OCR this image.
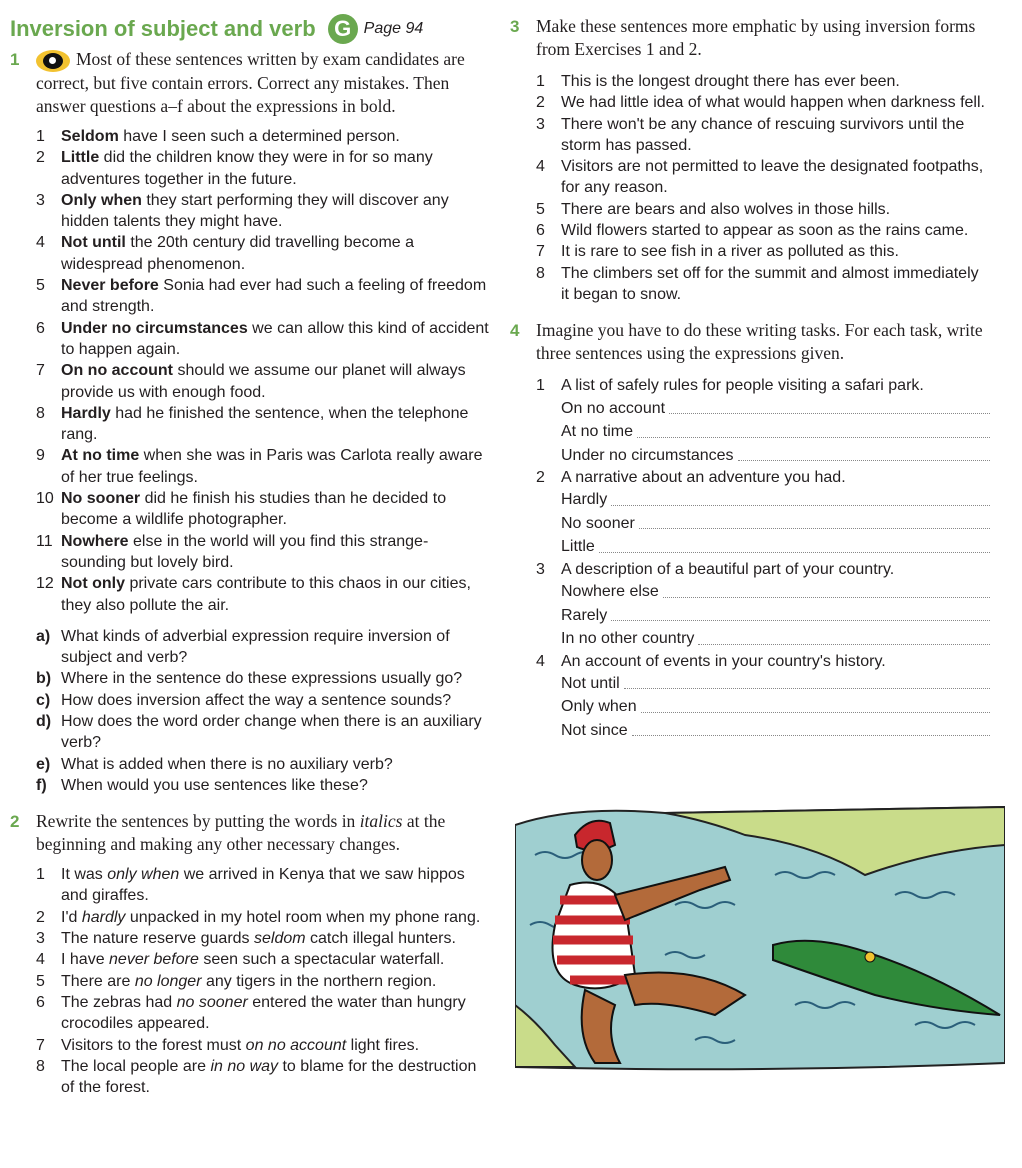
Inversion of subject and verb G Page 94
1	Most of these sentences written by exam candidates are correct, but five contain errors. Correct any mistakes. Then answer questions a–f about the expressions in bold.
1	Seldom have I seen such a determined person.
2	Little did the children know they were in for so many adventures together in the future.
3	Only when they start performing they will discover any hidden talents they might have.
4	Not until the 20th century did travelling become a widespread phenomenon.
5	Never before Sonia had ever had such a feeling of freedom and strength.
6	Under no circumstances we can allow this kind of accident to happen again.
7	On no account should we assume our planet will always provide us with enough food.
8	Hardly had he finished the sentence, when the telephone rang.
9	At no time when she was in Paris was Carlota really aware of her true feelings.
10 No sooner did he finish his studies than he decided to become a wildlife photographer.
11 Nowhere else in the world will you find this strange-sounding but lovely bird.
12 Not only private cars contribute to this chaos in our cities, they also pollute the air.
a) What kinds of adverbial expression require inversion of subject and verb?
b) Where in the sentence do these expressions usually go?
c) How does inversion affect the way a sentence sounds?
d) How does the word order change when there is an auxiliary verb?
e) What is added when there is no auxiliary verb?
f) When would you use sentences like these?
2 Rewrite the sentences by putting the words in italics at the beginning and making any other necessary changes.
1	It was only when we arrived in Kenya that we saw hippos and giraffes.
2	I'd hardly unpacked in my hotel room when my phone rang.
3	The nature reserve guards seldom catch illegal hunters.
4	I have never before seen such a spectacular waterfall.
5	There are no longer any tigers in the northern region.
6	The zebras had no sooner entered the water than hungry crocodiles appeared.
7	Visitors to the forest must on no account light fires.
8	The local people are in no way to blame for the destruction of the forest.
3 Make these sentences more emphatic by using inversion forms from Exercises 1 and 2.
1	This is the longest drought there has ever been.
2	We had little idea of what would happen when darkness fell.
3	There won't be any chance of rescuing survivors until the storm has passed.
4	Visitors are not permitted to leave the designated footpaths, for any reason.
5	There are bears and also wolves in those hills.
6	Wild flowers started to appear as soon as the rains came.
7	It is rare to see fish in a river as polluted as this.
8	The climbers set off for the summit and almost immediately it began to snow.
4 Imagine you have to do these writing tasks. For each task, write three sentences using the expressions given.
1	A list of safely rules for people visiting a safari park.
On no account
At no time
Under no circumstances
2	A narrative about an adventure you had.
Hardly
No sooner
Little
3	A description of a beautiful part of your country.
Nowhere else
Rarely
In no other country
4	An account of events in your country's history.
Not until
Only when
Not since
